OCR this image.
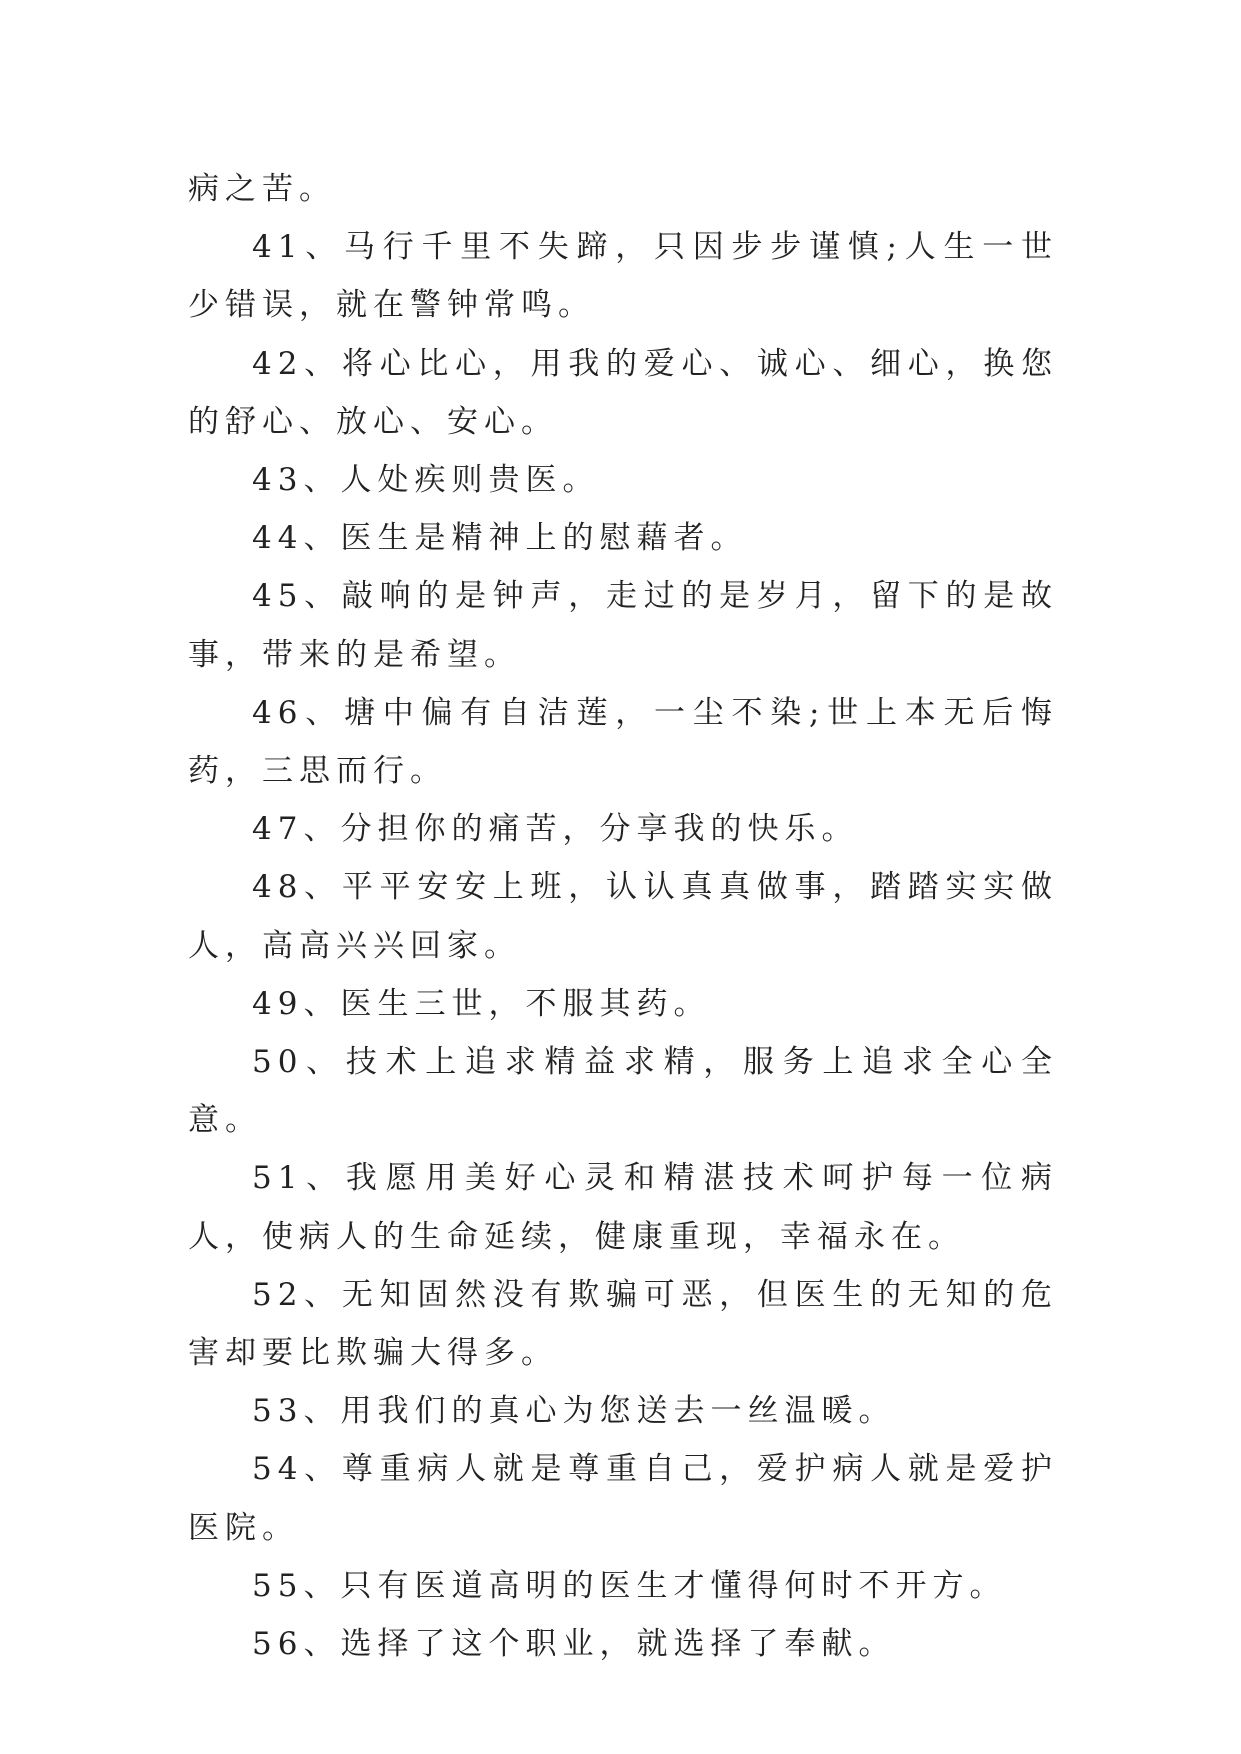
病之苦。

41、马行千里不失蹄，只因步步谨慎;人生一世少错误，就在警钟常鸣。

42、将心比心，用我的爱心、诚心、细心，换您的舒心、放心、安心。

43、人处疾则贵医。

44、医生是精神上的慰藉者。

45、敲响的是钟声，走过的是岁月，留下的是故事，带来的是希望。

46、塘中偏有自洁莲，一尘不染;世上本无后悔药，三思而行。

47、分担你的痛苦，分享我的快乐。

48、平平安安上班，认认真真做事，踏踏实实做人，高高兴兴回家。

49、医生三世，不服其药。

50、技术上追求精益求精，服务上追求全心全意。

51、我愿用美好心灵和精湛技术呵护每一位病人，使病人的生命延续，健康重现，幸福永在。

52、无知固然没有欺骗可恶，但医生的无知的危害却要比欺骗大得多。

53、用我们的真心为您送去一丝温暖。

54、尊重病人就是尊重自己，爱护病人就是爱护医院。

55、只有医道高明的医生才懂得何时不开方。

56、选择了这个职业，就选择了奉献。
